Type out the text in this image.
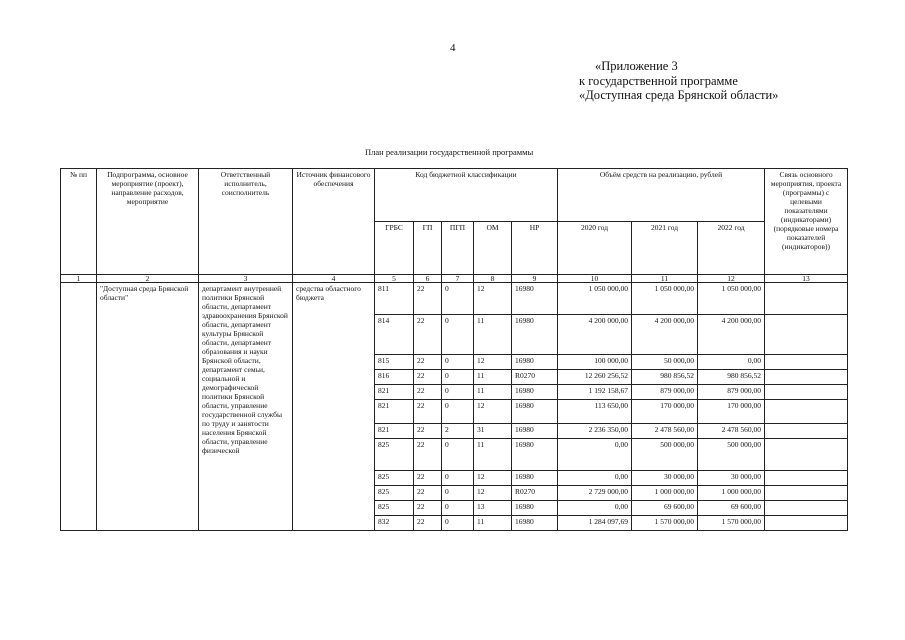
4
«Приложение 3
к государственной программе
«Доступная среда Брянской области»
План реализации государственной программы
№ пп	Подпрограмма, основное мероприятие (проект), направление расходов, мероприятие	Ответственный исполнитель, соисполнитель	Источник финансового обеспечения	Код бюджетной классификации					Объём средств на реализацию, рублей			Связь основного мероприятия, проекта (программы) с целевыми показателями (индикаторами) (порядковые номера показателей (индикаторов))
				ГРБС	ГП	ПГП	ОМ	НР	2020 год	2021 год	2022 год	
1	2	3	4	5	6	7	8	9	10	11	12	13
	"Доступная среда Брянской области"	департамент внутренней политики Брянской области, департамент здравоохранения Брянской области, департамент культуры Брянской области, департамент образования и науки Брянской области, департамент семьи, социальной и демографической политики Брянской области, управление государственной службы по труду и занятости населения Брянской области, управление физической	средства областного бюджета	811	22	0	12	16980	1 050 000,00	1 050 000,00	1 050 000,00	
				814	22	0	11	16980	4 200 000,00	4 200 000,00	4 200 000,00	
				815	22	0	12	16980	100 000,00	50 000,00	0,00	
				816	22	0	11	R0270	12 260 256,52	980 856,52	980 856,52	
				821	22	0	11	16980	1 192 158,67	879 000,00	879 000,00	
				821	22	0	12	16980	113 650,00	170 000,00	170 000,00	
				821	22	2	31	16980	2 236 350,00	2 478 560,00	2 478 560,00	
				825	22	0	11	16980	0,00	500 000,00	500 000,00	
				825	22	0	12	16980	0,00	30 000,00	30 000,00	
				825	22	0	12	R0270	2 729 000,00	1 000 000,00	1 000 000,00	
				825	22	0	13	16980	0,00	69 600,00	69 600,00	
				832	22	0	11	16980	1 284 097,69	1 570 000,00	1 570 000,00	
